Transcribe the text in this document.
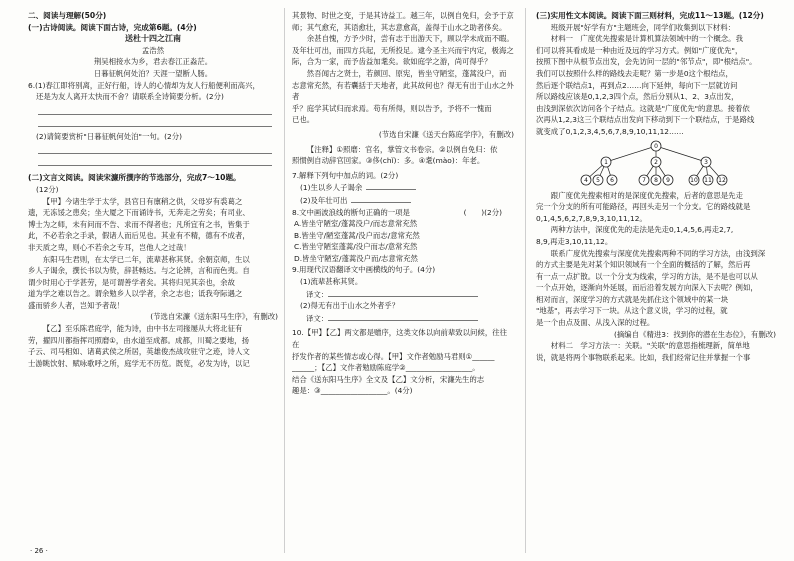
二、阅读与理解(50分)

(一)古诗阅读。阅读下面古诗，完成第6题。(4分)

送杜十四之江南

孟浩然

荆吴相接水为乡，君去春江正淼茫。

日暮征帆何处泊？天涯一望断人肠。

6.(1)春江即将别离，正好行船，诗人的心情却为友人行船便利而高兴，

还是为友人离开太快而不舍？请联系全诗简要分析。(2分)

(2)请简要赏析"日暮征帆何处泊"一句。(2分)

(二)文言文阅读。阅读宋濂所撰序的节选部分，完成7～10题。

(12分)

【甲】今诸生学于太学，县官日有廪稍之供，父母岁有裘葛之

遗，无冻馁之患矣；坐大厦之下而诵诗书，无奔走之劳矣；有司业、

博士为之师，未有问而不告、求而不得者也；凡所宜有之书，皆集于

此，不必若余之手录，假诸人而后见也。其业有不精，德有不成者，

非天质之卑，则心不若余之专耳，岂他人之过哉！

东阳马生君则，在太学已二年，流辈甚称其贤。余朝京师，生以

乡人子谒余，撰长书以为贽，辞甚畅达。与之论辨，言和而色夷。自

谓少时用心于学甚劳，是可谓善学者矣。其将归见其亲也，余故

道为学之难以告之。谓余勉乡人以学者，余之志也；诋我夸际遇之

盛而骄乡人者，岂知予者哉！

(节选自宋濂《送东阳马生序》，有删改)

【乙】至乐陈君庭学，能为诗，由中书左司掾屡从大将北征有

劳，擢四川都指挥司照磨①，由水道至成都。成都，川蜀之要地，扬

子云、司马相如、诸葛武侯之所居，英雄俊杰战攻驻守之迹，诗人文

士游眺饮射、赋咏歌呼之所，庭学无不历览。既览，必发为诗，以记

· 26 ·

其景物、时世之变，于是其诗益工。越三年，以例自免归，会予于京

师；其气愈充，其语愈壮，其志意愈高，盖得于山水之助者侈矣。

余甚自愧，方予少时，尝有志于出游天下，顾以学未成而不暇。

及年壮可出，而四方兵起，无所投足。逮今圣主兴而宇内定，极海之

际，合为一家，而予齿益加耄矣。欲如庭学之游，尚可得乎？

然吾闻古之贤士，若颜回、原宪，皆坐守陋室，蓬蒿没户，而

志意常充然，有若囊括于天地者，此其故何也？得无有出于山水之外者

乎？庭学其试归而求焉。苟有所得，则以告予，予将不一愧而

已也。

(节选自宋濂《送天台陈庭学序》，有删改)

【注释】①照磨：官名，掌管文书卷宗。②以例自免归：依

照惯例自动辞官回家。③侈(chǐ)：多。④耄(mào)：年老。

7.解释下列句中加点的词。(2分)

(1)生以乡人子谒余

(2)及年壮可出

8.文中画波浪线的断句正确的一项是	(　　)(2分)

A.皆坐守陋室/蓬蒿没户/而志意常充然

B.皆坐守/陋室蓬蒿/没户而志/意常充然

C.皆坐守陋室蓬蒿/没户而志/意常充然

D.皆坐守陋室/蓬蒿没户而/志意常充然

9.用现代汉语翻译文中画横线的句子。(4分)

(1)流辈甚称其贤。

译文：

(2)得无有出于山水之外者乎？

译文：

10.【甲】【乙】两文都是赠序，这类文体以向前辈致以问候，往往在

抒发作者的某些情志或心得。【甲】文作者勉励马君则①______

______；【乙】文作者勉励陈庭学②__________________。

结合《送东阳马生序》全文及【乙】文分析，宋濂先生的志

趣是：③__________________。(4分)

(三)实用性文本阅读。阅读下面三则材料，完成11～13题。(12分)

班级开展"好学有方"主题班会，同学们收集到以下材料：

材料一　广度优先搜索是计算机算法领域中的一个概念。我

们可以将其看成是一种由近及远的学习方式。例如"广度优先"，

按照下图中从根节点出发，会先访问一层的"邻节点"，即"根结点"。

我们可以按照什么样的路线去走呢？第一步是0这个根结点，

然后逐个联结点1，再到点2……向下延伸，每向下一层就访问

所以路线应该是0,1,2,3四个点，然后分别从1、2、3点出发，

由浅到深依次访问各个子结点。这就是"广度优先"的意思。接着依

次再从1,2,3这三个联结点出发向下移动到下一个联结点，于是路线

就变成了0,1,2,3,4,5,6,7,8,9,10,11,12……

0
1	2	3
4 5 6	7 8 9	10 11 12

跟广度优先搜索相对的是深度优先搜索，后者的意思是先走

完一个分支的所有可能路径，再回头走另一个分支。它的路线就是

0,1,4,5,6,2,7,8,9,3,10,11,12。

两种方法中，深度优先的走法是先走0,1,4,5,6,再走2,7,

8,9,再走3,10,11,12。

联系广度优先搜索与深度优先搜索两种不同的学习方法，由浅到深

的方式主要是先对某个知识领域有一个全面的概括的了解，然后再

有一点一点扩散。以一个分支为线索，学习的方法，是不是也可以从

一个点开始，逐渐向外延展，而后沿着发展方向深入下去呢？例如，

相对而言，深度学习的方式就是先抓住这个领域中的某一块

"地基"，再去学习下一块。从这个意义说，学习的过程，就

是一个由点及面、从浅入深的过程。

(摘编自《精进3：找到你的潜在生态位》，有删改)

材料二　学习方法一：关联。"关联"的意思指梳理新，简单地

说，就是将两个事物联系起来。比如，我们经常记住并掌握一个事
